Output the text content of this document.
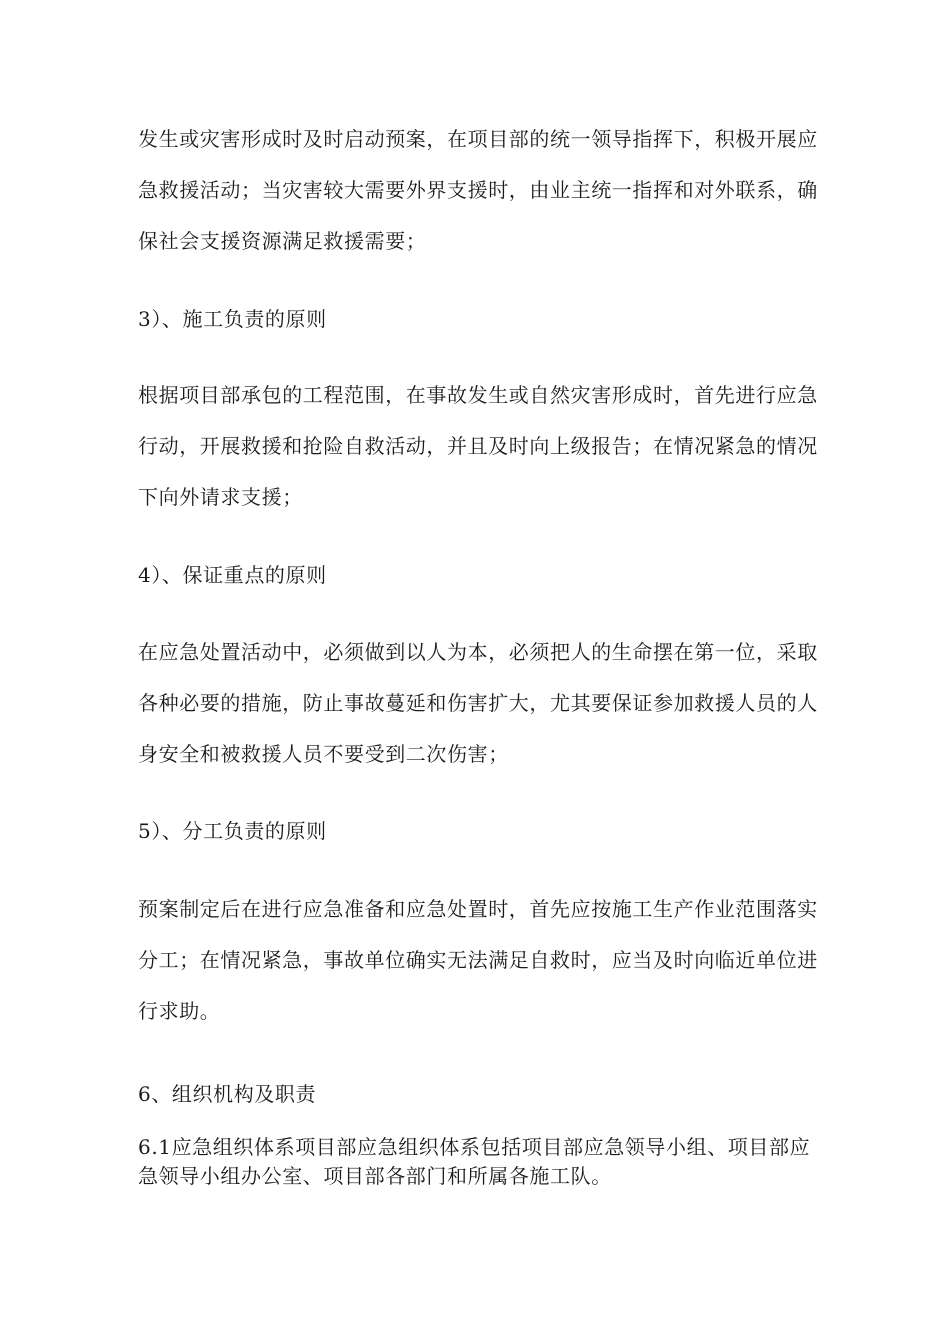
发生或灾害形成时及时启动预案，在项目部的统一领导指挥下，积极开展应急救援活动；当灾害较大需要外界支援时，由业主统一指挥和对外联系，确保社会支援资源满足救援需要；

3）、施工负责的原则

根据项目部承包的工程范围，在事故发生或自然灾害形成时，首先进行应急行动，开展救援和抢险自救活动，并且及时向上级报告；在情况紧急的情况下向外请求支援；

4）、保证重点的原则

在应急处置活动中，必须做到以人为本，必须把人的生命摆在第一位，采取各种必要的措施，防止事故蔓延和伤害扩大，尤其要保证参加救援人员的人身安全和被救援人员不要受到二次伤害；

5）、分工负责的原则

预案制定后在进行应急准备和应急处置时，首先应按施工生产作业范围落实分工；在情况紧急，事故单位确实无法满足自救时，应当及时向临近单位进行求助。

6、组织机构及职责

6.1应急组织体系项目部应急组织体系包括项目部应急领导小组、项目部应急领导小组办公室、项目部各部门和所属各施工队。
